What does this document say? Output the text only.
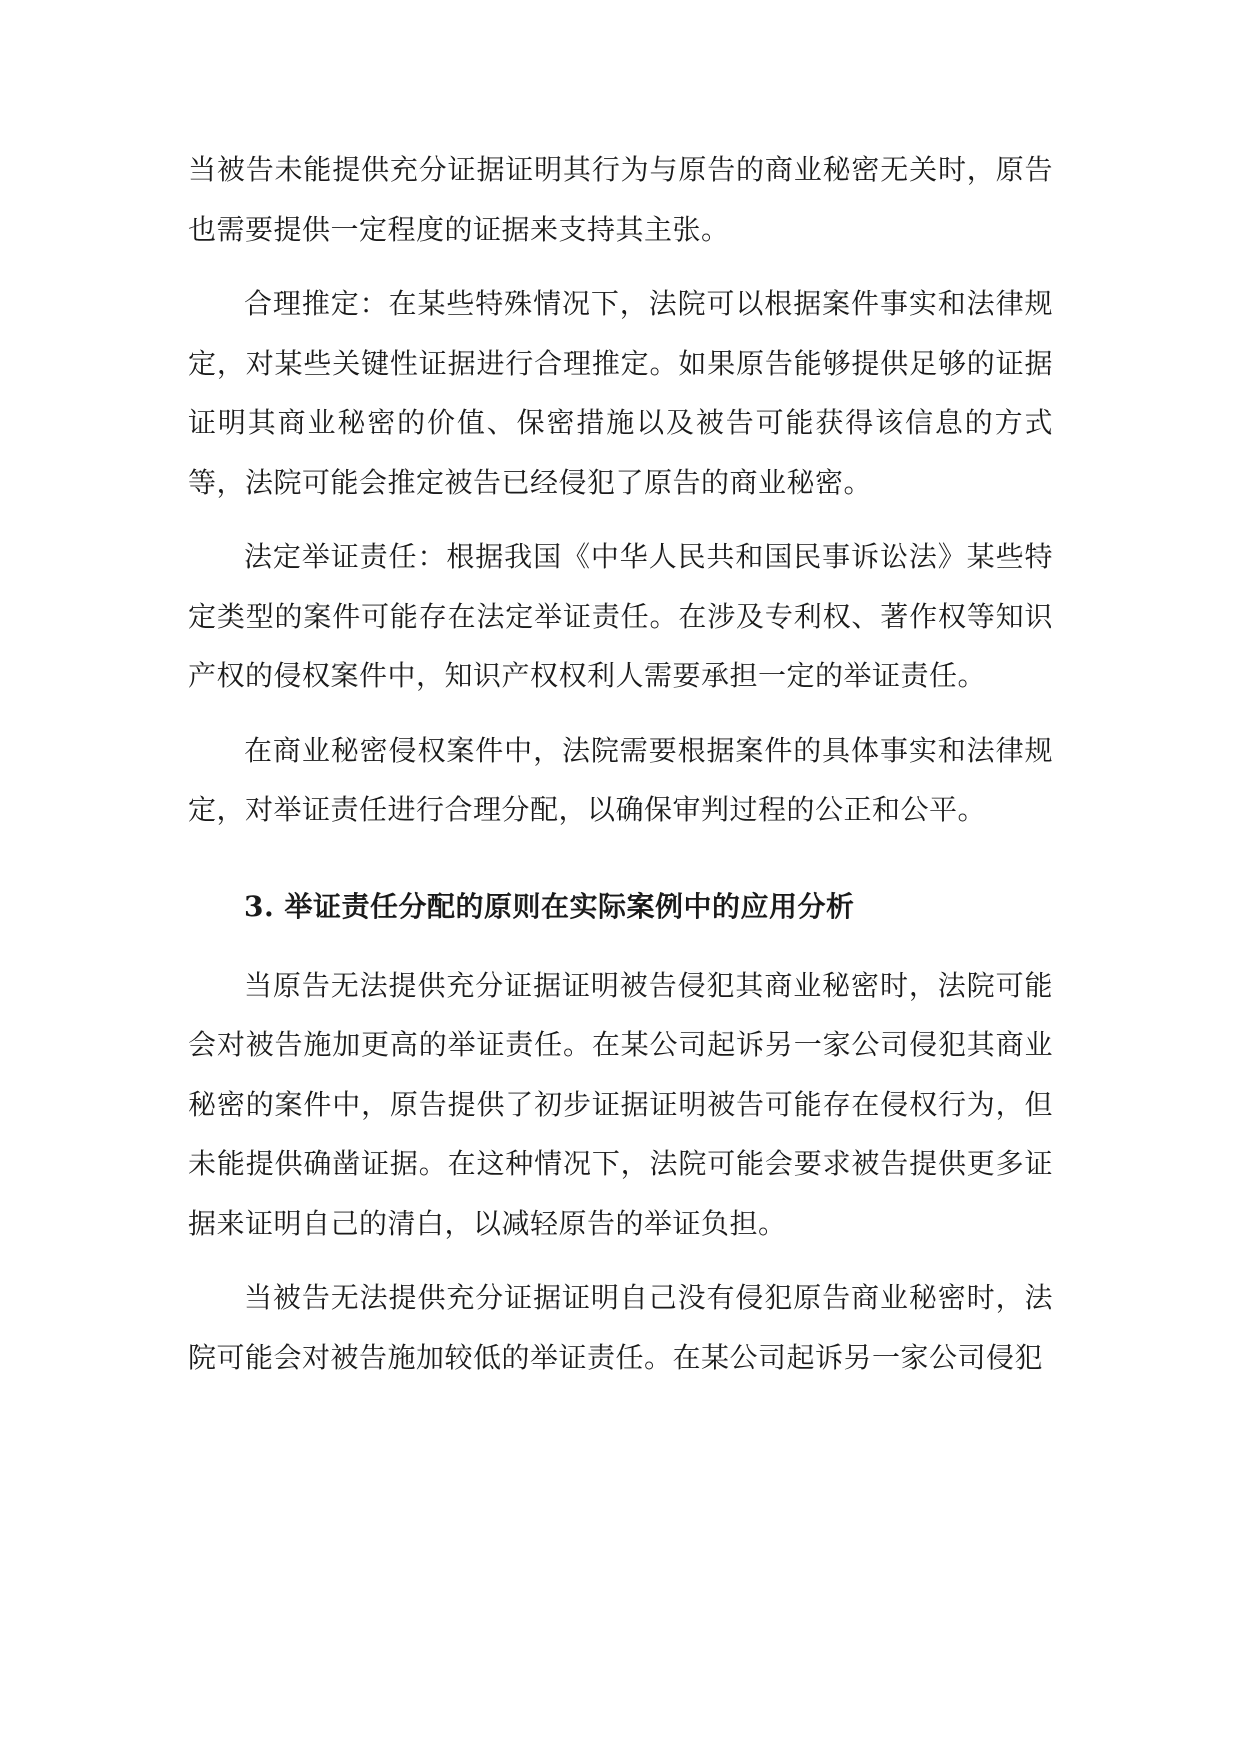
当被告未能提供充分证据证明其行为与原告的商业秘密无关时，原告也需要提供一定程度的证据来支持其主张。

合理推定：在某些特殊情况下，法院可以根据案件事实和法律规定，对某些关键性证据进行合理推定。如果原告能够提供足够的证据证明其商业秘密的价值、保密措施以及被告可能获得该信息的方式等，法院可能会推定被告已经侵犯了原告的商业秘密。

法定举证责任：根据我国《中华人民共和国民事诉讼法》某些特定类型的案件可能存在法定举证责任。在涉及专利权、著作权等知识产权的侵权案件中，知识产权权利人需要承担一定的举证责任。

在商业秘密侵权案件中，法院需要根据案件的具体事实和法律规定，对举证责任进行合理分配，以确保审判过程的公正和公平。

3. 举证责任分配的原则在实际案例中的应用分析

当原告无法提供充分证据证明被告侵犯其商业秘密时，法院可能会对被告施加更高的举证责任。在某公司起诉另一家公司侵犯其商业秘密的案件中，原告提供了初步证据证明被告可能存在侵权行为，但未能提供确凿证据。在这种情况下，法院可能会要求被告提供更多证据来证明自己的清白，以减轻原告的举证负担。

当被告无法提供充分证据证明自己没有侵犯原告商业秘密时，法院可能会对被告施加较低的举证责任。在某公司起诉另一家公司侵犯
